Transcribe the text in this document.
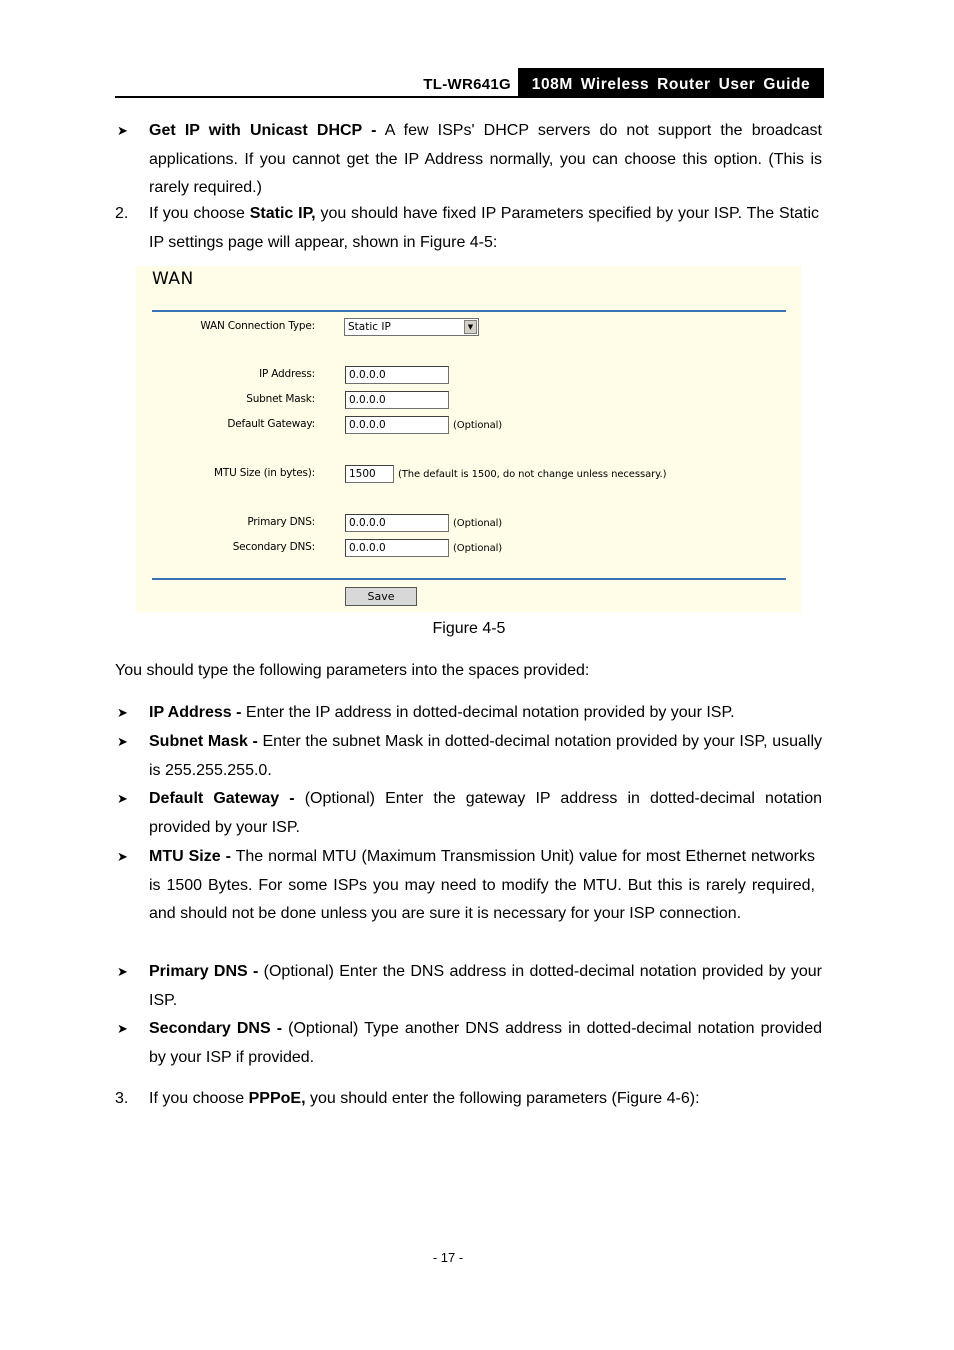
TL-WR641G	108M Wireless Router User Guide
➤ Get IP with Unicast DHCP - A few ISPs' DHCP servers do not support the broadcast applications. If you cannot get the IP Address normally, you can choose this option. (This is rarely required.)

2. If you choose Static IP, you should have fixed IP Parameters specified by your ISP. The Static IP settings page will appear, shown in Figure 4-5:

WAN
WAN Connection Type:	Static IP	▼
IP Address:	0.0.0.0
Subnet Mask:	0.0.0.0
Default Gateway:	0.0.0.0	(Optional)
MTU Size (in bytes):	1500	(The default is 1500, do not change unless necessary.)
Primary DNS:	0.0.0.0	(Optional)
Secondary DNS:	0.0.0.0	(Optional)
Save
Figure 4-5

You should type the following parameters into the spaces provided:

➤ IP Address - Enter the IP address in dotted-decimal notation provided by your ISP.

➤ Subnet Mask - Enter the subnet Mask in dotted-decimal notation provided by your ISP, usually is 255.255.255.0.

➤ Default Gateway - (Optional) Enter the gateway IP address in dotted-decimal notation provided by your ISP.

➤ MTU Size - The normal MTU (Maximum Transmission Unit) value for most Ethernet networks is 1500 Bytes. For some ISPs you may need to modify the MTU. But this is rarely required, and should not be done unless you are sure it is necessary for your ISP connection.

➤ Primary DNS - (Optional) Enter the DNS address in dotted-decimal notation provided by your ISP.

➤ Secondary DNS - (Optional) Type another DNS address in dotted-decimal notation provided by your ISP if provided.

3. If you choose PPPoE, you should enter the following parameters (Figure 4-6):

- 17 -
